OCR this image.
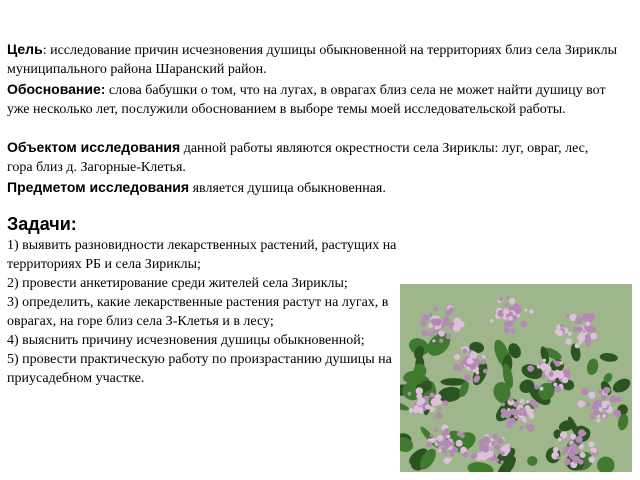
Цель: исследование причин исчезновения душицы обыкновенной на территориях близ села Зириклы муниципального района Шаранский район.
Обоснование: слова бабушки о том, что на лугах, в оврагах близ села не может найти душицу вот уже несколько лет, послужили обоснованием в выборе темы моей исследовательской работы.
Объектом исследования данной работы являются окрестности села Зириклы: луг, овраг, лес, гора близ д. Загорные-Клетья.
Предметом исследования является душица обыкновенная.
Задачи:
1) выявить разновидности лекарственных растений, растущих на территориях РБ и села Зириклы;
2) провести анкетирование среди жителей села Зириклы;
3) определить, какие лекарственные растения растут на лугах, в оврагах, на горе близ села З-Клетья и в лесу;
4) выяснить причину исчезновения душицы обыкновенной;
5) провести практическую работу по произрастанию душицы на приусадебном участке.
